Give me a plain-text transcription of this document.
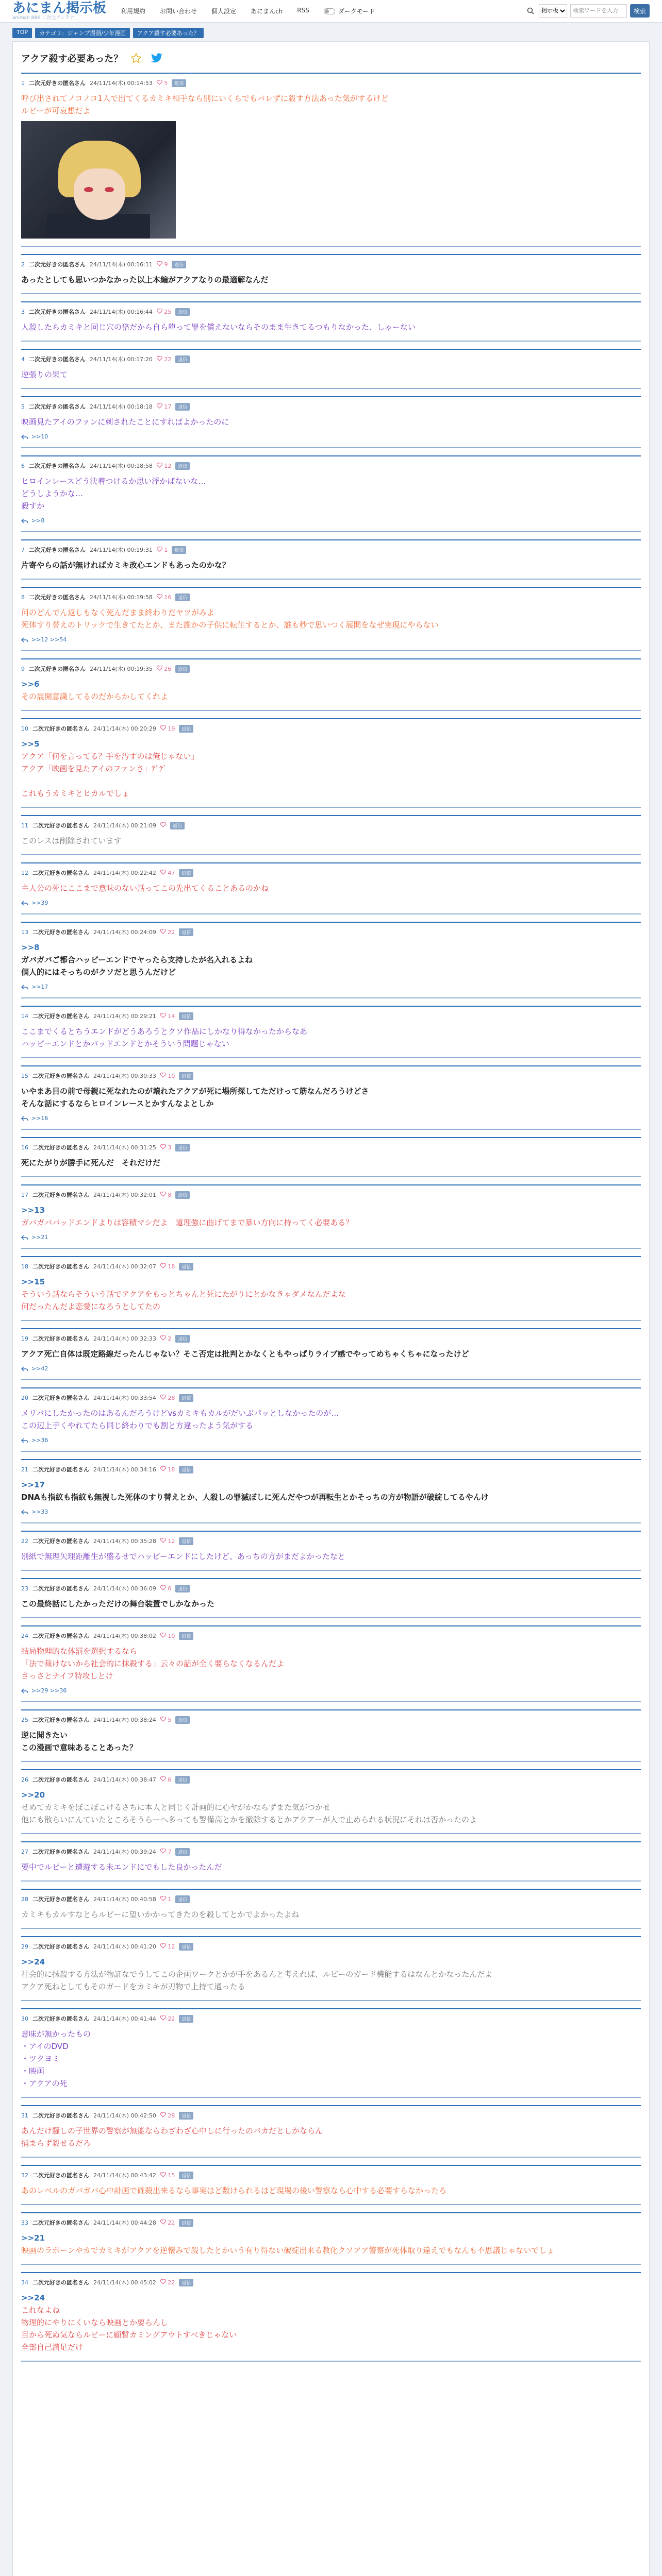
あにまん掲示板
animan BBS 二次元アンテナ
利用規約 お問い合わせ 個人設定 あにまんch RSS	ダークモード
掲示板
検索ワードを入力	検索
TOP	カテゴリ：ジャンプ漫画/少年漫画	アクア殺す必要あった？
アクア殺す必要あった？
1 二次元好きの匿名さん 24/11/14(木) 00:14:53	5	返信
呼び出されてノコノコ1人で出てくるカミキ相手なら別にいくらでもバレずに殺す方法あった気がするけど
ルビーが可哀想だよ
2 二次元好きの匿名さん 24/11/14(木) 00:16:11	9	返信
あったとしても思いつかなかった以上本編がアクアなりの最適解なんだ
3 二次元好きの匿名さん 24/11/14(木) 00:16:44	25	返信
人殺したらカミキと同じ穴の狢だから自ら堕って罪を償えないならそのまま生きてるつもりなかった、しゃーない
4 二次元好きの匿名さん 24/11/14(木) 00:17:20	22	返信
逆張りの果て
5 二次元好きの匿名さん 24/11/14(木) 00:18:18	17	返信
映画見たアイのファンに刺されたことにすればよかったのに
>>10
6 二次元好きの匿名さん 24/11/14(木) 00:18:58	12	返信
ヒロインレースどう決着つけるか思い浮かばないな…
どうしようかな…
殺すか
>>8
7 二次元好きの匿名さん 24/11/14(木) 00:19:31	1	返信
片寄やらの話が無ければカミキ改心エンドもあったのかな？
8 二次元好きの匿名さん 24/11/14(木) 00:19:58	16	返信
何のどんでん返しもなく死んだまま終わりだヤツがみよ
死体すり替えのトリックで生きてたとか、また誰かの子供に転生するとか、誰も秒で思いつく展開をなぜ実現にやらない
>>12 >>54
9 二次元好きの匿名さん 24/11/14(木) 00:19:35	26	返信
>>6
その展開意識してるのだからかしてくれよ
10 二次元好きの匿名さん 24/11/14(木) 00:20:29	19	返信
>>5
アクア「何を言ってる？手を汚すのは俺じゃない」
アクア「映画を見たアイのファンさ」ﾃﾞﾃﾞ

これもうカミキとヒカルでしょ
11 二次元好きの匿名さん 24/11/14(木) 00:21:09	返信
このレスは削除されています
12 二次元好きの匿名さん 24/11/14(木) 00:22:42	47	返信
主人公の死にここまで意味のない話ってこの先出てくることあるのかね
>>39
13 二次元好きの匿名さん 24/11/14(木) 00:24:09	22	返信
>>8
ガバガバご都合ハッピーエンドでヤったら支持したが名入れるよね
個人的にはそっちのがクソだと思うんだけど
>>17
14 二次元好きの匿名さん 24/11/14(木) 00:29:21	14	返信
ここまでくるとちうエンドがどうあろうとクソ作品にしかなり得なかったからなあ
ハッピーエンドとかバッドエンドとかそういう問題じゃない
15 二次元好きの匿名さん 24/11/14(木) 00:30:33	10	返信
いやまあ目の前で母親に死なれたのが壊れたアクアが死に場所探してただけって筋なんだろうけどさ
そんな話にするならヒロインレースとかすんなよとしか
>>16
16 二次元好きの匿名さん 24/11/14(木) 00:31:25	3	返信
死にたがりが勝手に死んだ　それだけだ
17 二次元好きの匿名さん 24/11/14(木) 00:32:01	8	返信
>>13
ガバガババッドエンドよりは容積マシだよ　道理強に曲げてまで暴い方向に持ってく必要ある？
>>21
18 二次元好きの匿名さん 24/11/14(木) 00:32:07	18	返信
>>15
そういう話ならそういう話でアクアをもっとちゃんと死にたがりにとかなきゃダメなんだよな
何だったんだよ恋愛になろうとしてたの
19 二次元好きの匿名さん 24/11/14(木) 00:32:33	2	返信
アクア死亡自体は既定路線だったんじゃない？そこ否定は批判とかなくともやっぱりライブ感でやってめちゃくちゃになったけど
>>42
20 二次元好きの匿名さん 24/11/14(木) 00:33:54	28	返信
メリバにしたかったのはあるんだろうけどvsカミキもカルがだいぶパッとしなかったのが…
この辺上手くやれてたら同じ終わりでも割と方違ったよう気がする
>>36
21 二次元好きの匿名さん 24/11/14(木) 00:34:16	18	返信
>>17
DNAも指紋も指紋も無視した死体のすり替えとか、人殺しの罪滅ぼしに死んだやつが再転生とかそっちの方が物語が破綻してるやんけ
>>33
22 二次元好きの匿名さん 24/11/14(木) 00:35:28	12	返信
別紙で無理矢理距離生が盛るせでハッピーエンドにしたけど、あっちの方がまだよかったなと
23 二次元好きの匿名さん 24/11/14(木) 00:36:09	6	返信
この最終話にしたかっただけの舞台装置でしかなかった
24 二次元好きの匿名さん 24/11/14(木) 00:38:02	10	返信
結局物理的な体罰を選択するなら
「法で裁けないから社会的に抹殺する」云々の話が全く要らなくなるんだよ
さっさとナイフ特攻しとけ
>>29 >>36
25 二次元好きの匿名さん 24/11/14(木) 00:38:24	5	返信
逆に聞きたい
この漫画で意味あることあった？
26 二次元好きの匿名さん 24/11/14(木) 00:38:47	6	返信
>>20
せめてカミキをぼこぼこけるさちに本人と同じく計画的に心ヤがかならずまた気がつかせ
他にも散らいにんていたところそうらーへ多っても警備高とかを撤除するとかアクアーが人で止められる状況にそれは否かったのよ
27 二次元好きの匿名さん 24/11/14(木) 00:39:24	7	返信
要中でルビーと遭遊する未エンドにでもした良かったんだ
28 二次元好きの匿名さん 24/11/14(木) 00:40:58	1	返信
カミキもカルすなとらルビーに望いかかってきたのを殺してとかでよかったよね
29 二次元好きの匿名さん 24/11/14(木) 00:41:20	12	返信
>>24
社会的に抹殺する方法が物証なでうしてこの企画ワークとかが手をあるんと考えれば、ルビーのガード機能するはなんとかなったんだよ
アクア死ねとしてもそのガードをカミキが刃物で上持て通ったる
30 二次元好きの匿名さん 24/11/14(木) 00:41:44	22	返信
意味が無かったもの
・アイのDVD
・ツクヨミ
・映画
・アクアの死
31 二次元好きの匿名さん 24/11/14(木) 00:42:50	28	返信
あんだけ騒しの子世界の警察が無能ならわざわざ心中しに行ったのバカだとしかならん
捕まらず殺せるだろ
32 二次元好きの匿名さん 24/11/14(木) 00:43:42	15	返信
あのレベルのガバガバ心中計画で確殺出来るなら事実ほど数けられるほど現場の後い警察なら心中する必要すらなかったろ
33 二次元好きの匿名さん 24/11/14(木) 00:44:28	22	返信
>>21
映画のラボーンやカでカミキがアクアを逆懐みで殺したとかいう有り得ない破綻出来る教化クソアア警察が死体取り違えでもなんも不思議じゃないでしょ
34 二次元好きの匿名さん 24/11/14(木) 00:45:02	22	返信
>>24
これなよね
物理的にやりにくいなら映画とか要らんし
目から死ぬ気ならルビーに顧暫カミングアウトすべきじゃない
全部自己満足だけ
